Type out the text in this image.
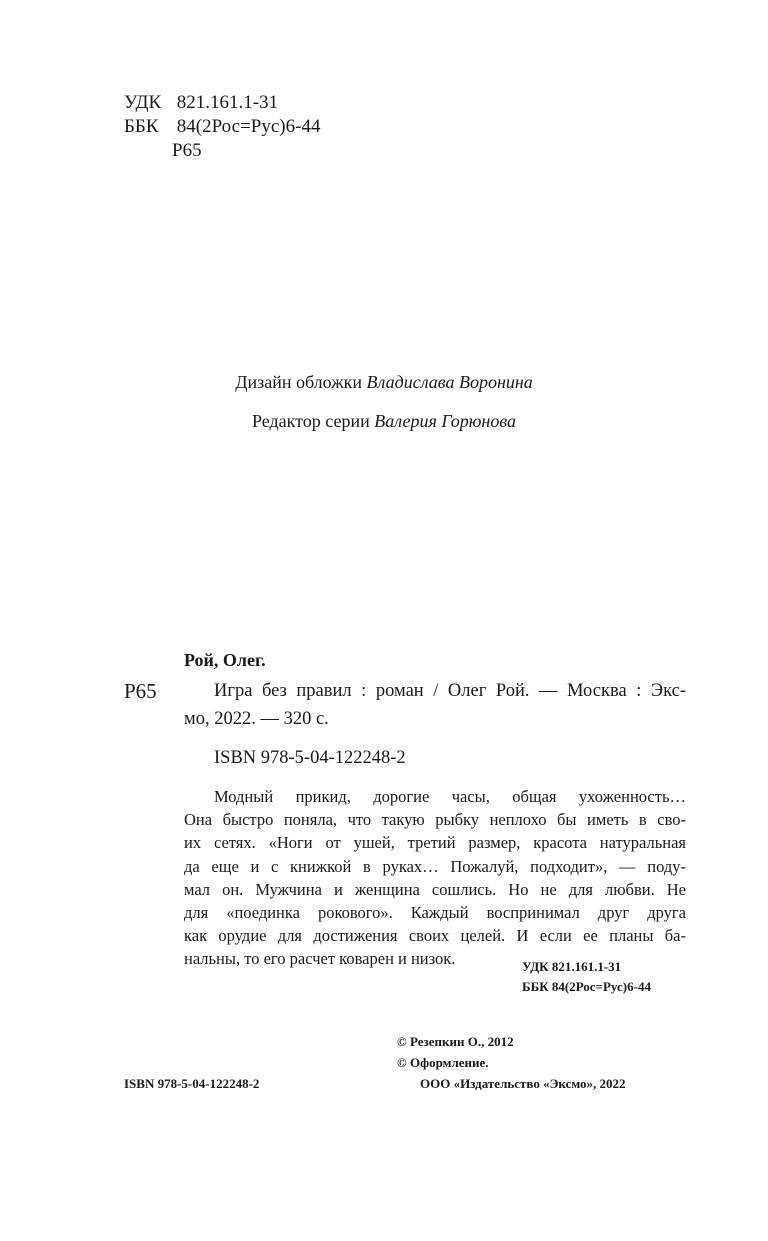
УДК 821.161.1-31
ББК 84(2Рос=Рус)6-44
Р65
Дизайн обложки Владислава Воронина
Редактор серии Валерия Горюнова
Рой, Олег.
Р65	Игра без правил : роман / Олег Рой. — Москва : Экс-
мо, 2022. — 320 с.
ISBN 978-5-04-122248-2
Модный прикид, дорогие часы, общая ухоженность…
Она быстро поняла, что такую рыбку неплохо бы иметь в сво-
их сетях. «Ноги от ушей, третий размер, красота натуральная
да еще и с книжкой в руках… Пожалуй, подходит», — поду-
мал он. Мужчина и женщина сошлись. Но не для любви. Не
для «поединка рокового». Каждый воспринимал друг друга
как орудие для достижения своих целей. И если ее планы ба-
нальны, то его расчет коварен и низок.	УДК 821.161.1-31
ББК 84(2Рос=Рус)6-44
© Резепкин О., 2012
© Оформление.
ISBN 978-5-04-122248-2	ООО «Издательство «Эксмо», 2022
